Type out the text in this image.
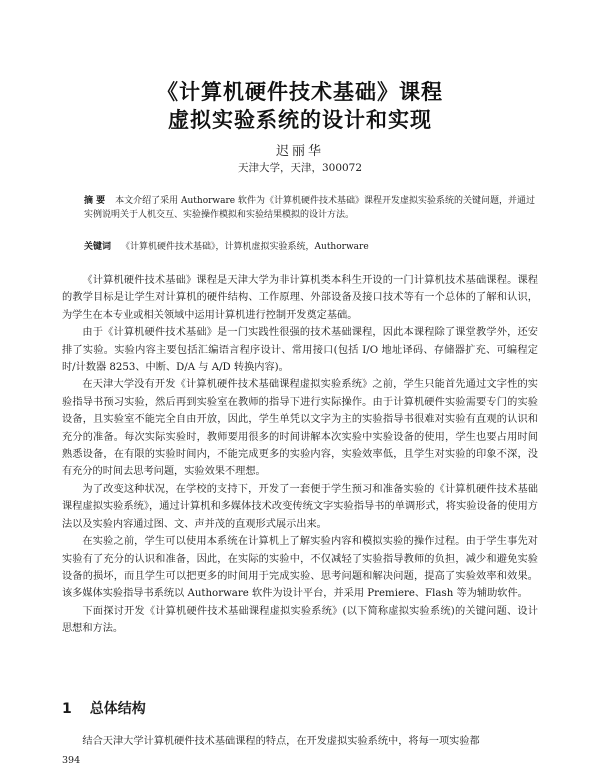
《计算机硬件技术基础》课程
虚拟实验系统的设计和实现
迟丽华
天津大学，天津，300072

摘 要 本文介绍了采用 Authorware 软件为《计算机硬件技术基础》课程开发虚拟实验系统的关键问题，并通过实例说明关于人机交互、实验操作模拟和实验结果模拟的设计方法。

关键词 《计算机硬件技术基础》，计算机虚拟实验系统，Authorware

《计算机硬件技术基础》课程是天津大学为非计算机类本科生开设的一门计算机技术基础课程。课程的教学目标是让学生对计算机的硬件结构、工作原理、外部设备及接口技术等有一个总体的了解和认识，为学生在本专业或相关领域中运用计算机进行控制开发奠定基础。

由于《计算机硬件技术基础》是一门实践性很强的技术基础课程，因此本课程除了课堂教学外，还安排了实验。实验内容主要包括汇编语言程序设计、常用接口(包括 I/O 地址译码、存储器扩充、可编程定时/计数器 8253、中断、D/A 与 A/D 转换内容)。

在天津大学没有开发《计算机硬件技术基础课程虚拟实验系统》之前，学生只能首先通过文字性的实验指导书预习实验，然后再到实验室在教师的指导下进行实际操作。由于计算机硬件实验需要专门的实验设备，且实验室不能完全自由开放，因此，学生单凭以文字为主的实验指导书很难对实验有直观的认识和充分的准备。每次实际实验时，教师要用很多的时间讲解本次实验中实验设备的使用，学生也要占用时间熟悉设备，在有限的实验时间内，不能完成更多的实验内容，实验效率低，且学生对实验的印象不深，没有充分的时间去思考问题，实验效果不理想。

为了改变这种状况，在学校的支持下，开发了一套便于学生预习和准备实验的《计算机硬件技术基础课程虚拟实验系统》，通过计算机和多媒体技术改变传统文字实验指导书的单调形式，将实验设备的使用方法以及实验内容通过图、文、声并茂的直观形式展示出来。

在实验之前，学生可以使用本系统在计算机上了解实验内容和模拟实验的操作过程。由于学生事先对实验有了充分的认识和准备，因此，在实际的实验中，不仅减轻了实验指导教师的负担，减少和避免实验设备的损坏，而且学生可以把更多的时间用于完成实验、思考问题和解决问题，提高了实验效率和效果。该多媒体实验指导书系统以 Authorware 软件为设计平台，并采用 Premiere、Flash 等为辅助软件。

下面探讨开发《计算机硬件技术基础课程虚拟实验系统》(以下简称虚拟实验系统)的关键问题、设计思想和方法。

1 总体结构

结合天津大学计算机硬件技术基础课程的特点，在开发虚拟实验系统中，将每一项实验都

394
